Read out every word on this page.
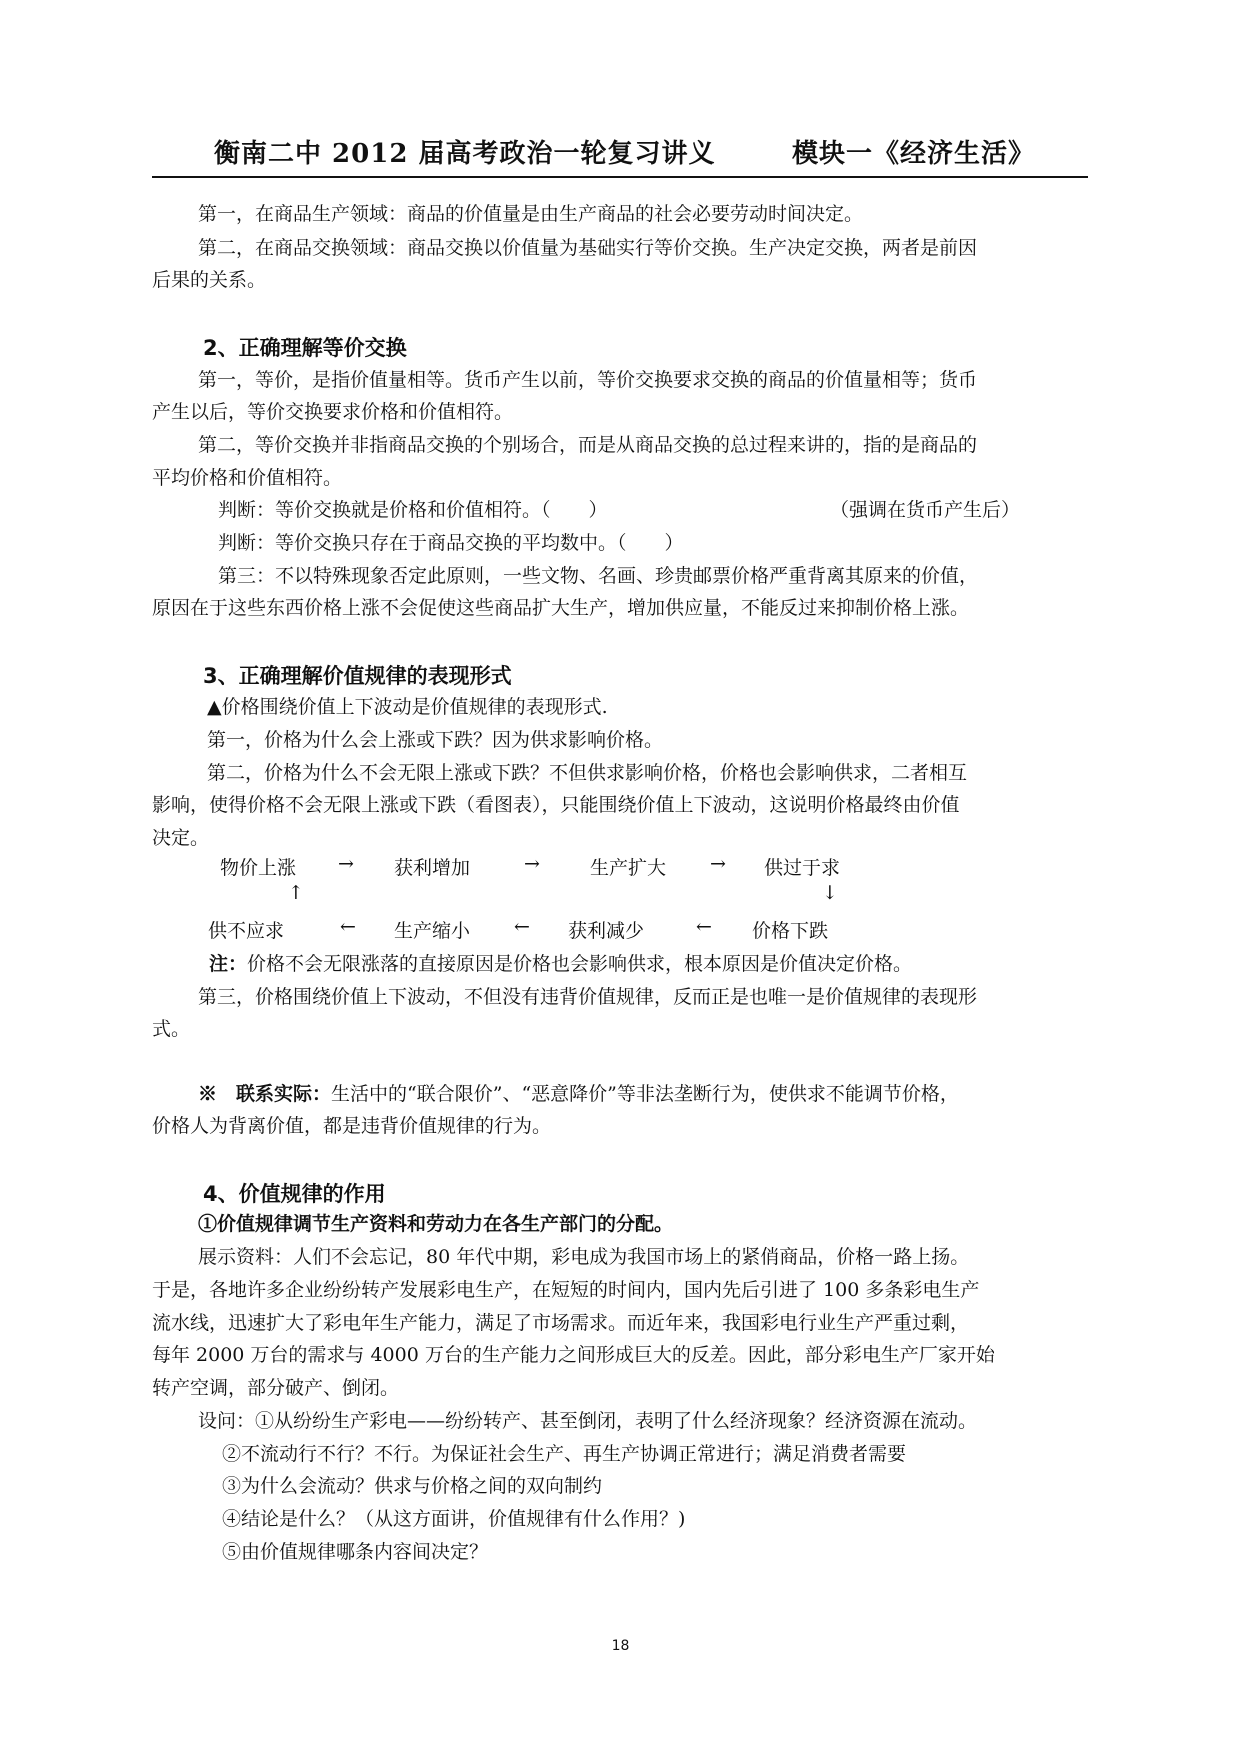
衡南二中 2012 届高考政治一轮复习讲义	模块一《经济生活》
第一，在商品生产领域：商品的价值量是由生产商品的社会必要劳动时间决定。
第二，在商品交换领域：商品交换以价值量为基础实行等价交换。生产决定交换，两者是前因
后果的关系。
2、正确理解等价交换
第一，等价，是指价值量相等。货币产生以前，等价交换要求交换的商品的价值量相等；货币
产生以后，等价交换要求价格和价值相符。
第二，等价交换并非指商品交换的个别场合，而是从商品交换的总过程来讲的，指的是商品的
平均价格和价值相符。
判断：等价交换就是价格和价值相符。（　　）	（强调在货币产生后）
判断：等价交换只存在于商品交换的平均数中。（　　）
第三：不以特殊现象否定此原则，一些文物、名画、珍贵邮票价格严重背离其原来的价值，
原因在于这些东西价格上涨不会促使这些商品扩大生产，增加供应量，不能反过来抑制价格上涨。
3、正确理解价值规律的表现形式
▲价格围绕价值上下波动是价值规律的表现形式.
第一，价格为什么会上涨或下跌？因为供求影响价格。
第二，价格为什么不会无限上涨或下跌？不但供求影响价格，价格也会影响供求，二者相互
影响，使得价格不会无限上涨或下跌（看图表），只能围绕价值上下波动，这说明价格最终由价值
决定。
物价上涨 → 获利增加	→	生产扩大 → 供过于求
↑	↓
供不应求	← 生产缩小 ← 获利减少	← 价格下跌
注：价格不会无限涨落的直接原因是价格也会影响供求，根本原因是价值决定价格。
第三，价格围绕价值上下波动，不但没有违背价值规律，反而正是也唯一是价值规律的表现形
式。
※　联系实际：生活中的“联合限价”、“恶意降价”等非法垄断行为，使供求不能调节价格，
价格人为背离价值，都是违背价值规律的行为。
4、价值规律的作用
①价值规律调节生产资料和劳动力在各生产部门的分配。
展示资料：人们不会忘记，80 年代中期，彩电成为我国市场上的紧俏商品，价格一路上扬。
于是，各地许多企业纷纷转产发展彩电生产，在短短的时间内，国内先后引进了 100 多条彩电生产
流水线，迅速扩大了彩电年生产能力，满足了市场需求。而近年来，我国彩电行业生产严重过剩，
每年 2000 万台的需求与 4000 万台的生产能力之间形成巨大的反差。因此，部分彩电生产厂家开始
转产空调，部分破产、倒闭。
设问：①从纷纷生产彩电——纷纷转产、甚至倒闭，表明了什么经济现象？经济资源在流动。
②不流动行不行？不行。为保证社会生产、再生产协调正常进行；满足消费者需要
③为什么会流动？供求与价格之间的双向制约
④结论是什么？（从这方面讲，价值规律有什么作用？)
⑤由价值规律哪条内容间决定？
18
